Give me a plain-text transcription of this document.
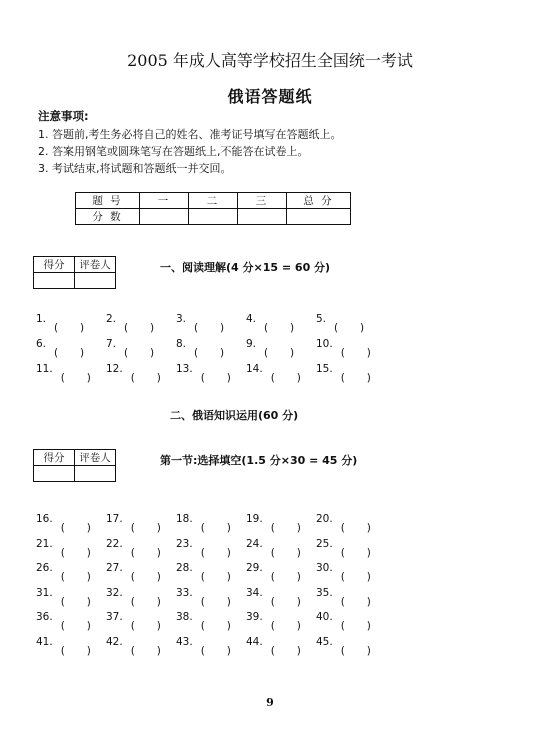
2005 年成人高等学校招生全国统一考试
俄语答题纸
注意事项:
1. 答题前,考生务必将自己的姓名、准考证号填写在答题纸上。
2. 答案用钢笔或圆珠笔写在答题纸上,不能答在试卷上。
3. 考试结束,将试题和答题纸一并交回。
题 号	一	二	三	总 分
分 数				
得分	评卷人
		一、阅读理解(4 分×15 = 60 分)
1.
( )
2.
( )
3.
( )
4.
( )
5.
( )
6.
( )
7.
( )
8.
( )
9.
( )
10.
( )
11.
( )
12.
( )
13.
( )
14.
( )
15.
( )
二、俄语知识运用(60 分)
得分	评卷人
		第一节:选择填空(1.5 分×30 = 45 分)
16.
( )
17.
( )
18.
( )
19.
( )
20.
( )
21.
( )
22.
( )
23.
( )
24.
( )
25.
( )
26.
( )
27.
( )
28.
( )
29.
( )
30.
( )
31.
( )
32.
( )
33.
( )
34.
( )
35.
( )
36.
( )
37.
( )
38.
( )
39.
( )
40.
( )
41.
( )
42.
( )
43.
( )
44.
( )
45.
( )
9
